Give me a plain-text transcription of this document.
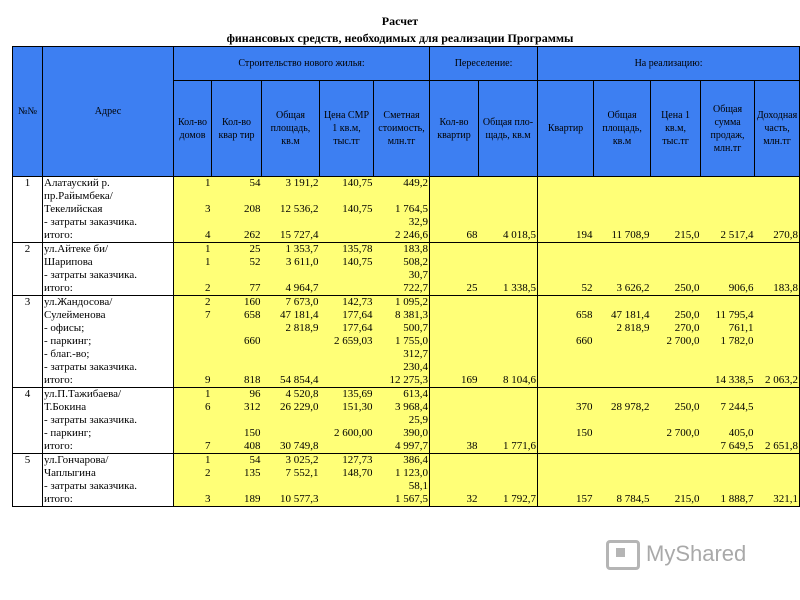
Расчет
финансовых средств, необходимых для реализации Программы
№№	Адрес	Строительство нового жилья:					Переселение:		На реализацию:				
		Кол-во домов	Кол-во квар тир	Общая площадь, кв.м	Цена СМР 1 кв.м, тыс.тг	Сметная стоимость, млн.тг	Кол-во квартир	Общая пло-щадь, кв.м	Квартир	Общая площадь, кв.м	Цена 1 кв.м, тыс.тг	Общая сумма продаж, млн.тг	Доходная часть, млн.тг
1	Алатауский р.	1	54	3 191,2	140,75	449,2							
	пр.Райымбека/												
	Текелийская	3	208	12 536,2	140,75	1 764,5							
	- затраты заказчика.					32,9							
	итого:	4	262	15 727,4		2 246,6	68	4 018,5	194	11 708,9	215,0	2 517,4	270,8
2	ул.Айтеке би/	1	25	1 353,7	135,78	183,8							
	Шарипова	1	52	3 611,0	140,75	508,2							
	- затраты заказчика.					30,7							
	итого:	2	77	4 964,7		722,7	25	1 338,5	52	3 626,2	250,0	906,6	183,8
3	ул.Жандосова/	2	160	7 673,0	142,73	1 095,2							
	Сулейменова	7	658	47 181,4	177,64	8 381,3			658	47 181,4	250,0	11 795,4	
	- офисы;			2 818,9	177,64	500,7				2 818,9	270,0	761,1	
	- паркинг;		660		2 659,03	1 755,0			660		2 700,0	1 782,0	
	- благ.-во;					312,7							
	- затраты заказчика.					230,4							
	итого:	9	818	54 854,4		12 275,3	169	8 104,6				14 338,5	2 063,2
4	ул.П.Тажибаева/	1	96	4 520,8	135,69	613,4							
	Т.Бокина	6	312	26 229,0	151,30	3 968,4			370	28 978,2	250,0	7 244,5	
	- затраты заказчика.					25,9							
	- паркинг;		150		2 600,00	390,0			150		2 700,0	405,0	
	итого:	7	408	30 749,8		4 997,7	38	1 771,6				7 649,5	2 651,8
5	ул.Гончарова/	1	54	3 025,2	127,73	386,4							
	Чаплыгина	2	135	7 552,1	148,70	1 123,0							
	- затраты заказчика.					58,1							
	итого:	3	189	10 577,3		1 567,5	32	1 792,7	157	8 784,5	215,0	1 888,7	321,1
MyShared
